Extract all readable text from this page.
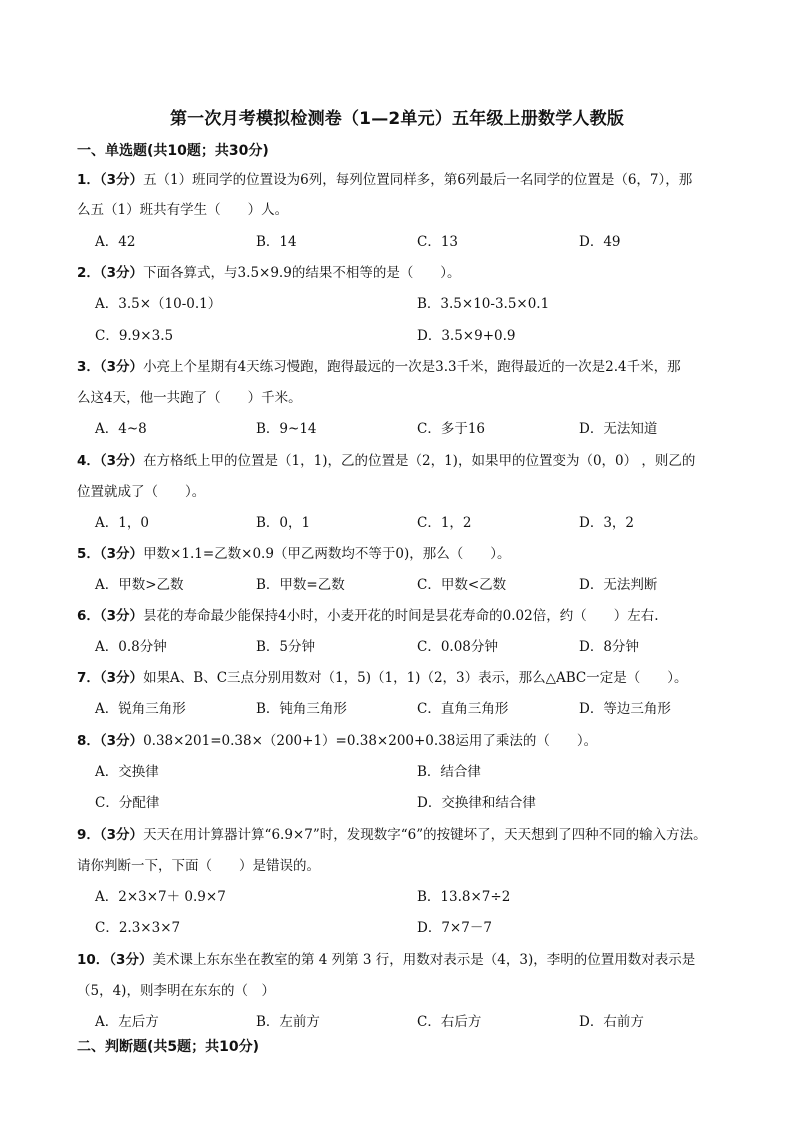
第一次月考模拟检测卷（1—2单元）五年级上册数学人教版
一、单选题(共10题；共30分)
1．（3分）五（1）班同学的位置设为6列，每列位置同样多，第6列最后一名同学的位置是（6，7），那
么五（1）班共有学生（　　）人。
A．42	B．14	C．13	D．49
2．（3分）下面各算式，与3.5×9.9的结果不相等的是（　　）。
A．3.5×（10-0.1）	B．3.5×10-3.5×0.1
C．9.9×3.5	D．3.5×9+0.9
3．（3分）小亮上个星期有4天练习慢跑，跑得最远的一次是3.3千米，跑得最近的一次是2.4千米，那
么这4天，他一共跑了（　　）千米。
A．4~8	B．9~14	C．多于16	D．无法知道
4．（3分）在方格纸上甲的位置是（1，1)，乙的位置是（2，1)，如果甲的位置变为（0，0） ，则乙的
位置就成了（　　）。
A．1，0	B．0，1	C．1，2	D．3，2
5．（3分）甲数×1.1=乙数×0.9（甲乙两数均不等于0)，那么（　　）。
A．甲数>乙数	B．甲数=乙数	C．甲数<乙数	D．无法判断
6．（3分）昙花的寿命最少能保持4小时，小麦开花的时间是昙花寿命的0.02倍，约（　　）左右.
A．0.8分钟	B．5分钟	C．0.08分钟	D．8分钟
7．（3分）如果A、B、C三点分别用数对（1，5)（1，1)（2，3）表示，那么△ABC一定是（　　）。
A．锐角三角形	B．钝角三角形	C．直角三角形	D．等边三角形
8．（3分）0.38×201=0.38×（200+1）=0.38×200+0.38运用了乘法的（　　）。
A．交换律	B．结合律
C．分配律	D．交换律和结合律
9．（3分）天天在用计算器计算“6.9×7”时，发现数字“6”的按键坏了，天天想到了四种不同的输入方法。
请你判断一下，下面（　　）是错误的。
A．2×3×7＋ 0.9×7	B．13.8×7÷2
C．2.3×3×7	D．7×7－7
10．（3分）美术课上东东坐在教室的第 4 列第 3 行，用数对表示是（4，3)，李明的位置用数对表示是
（5，4)，则李明在东东的（　）
A．左后方	B．左前方	C．右后方	D．右前方
二、判断题(共5题；共10分)
